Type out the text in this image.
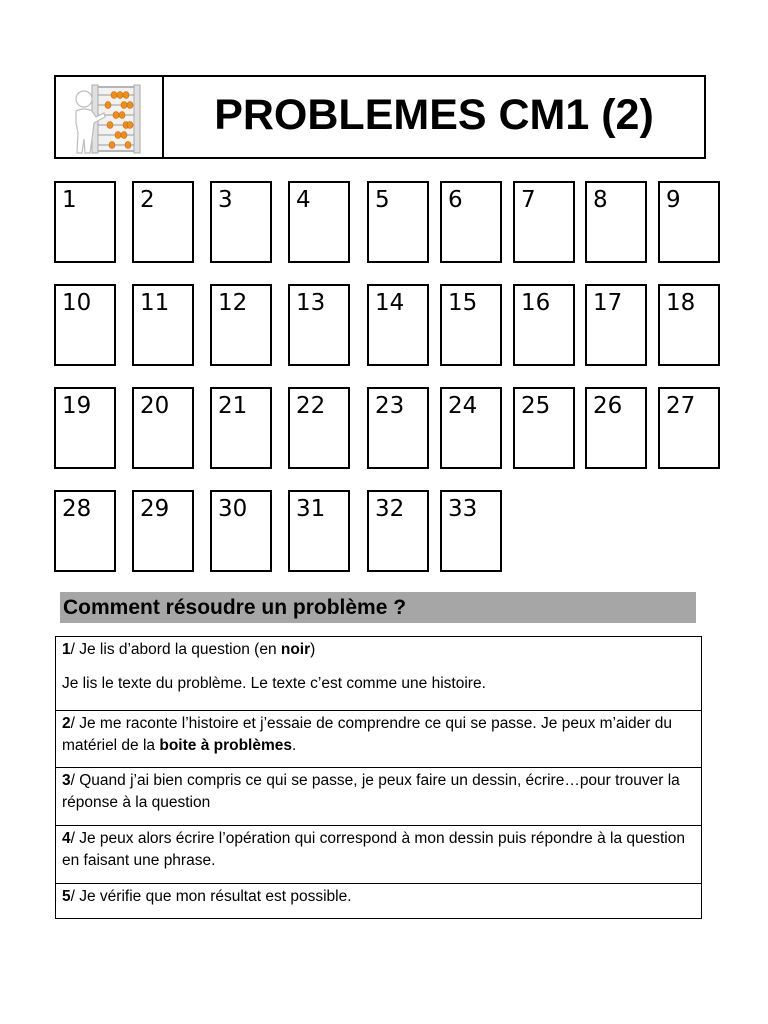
PROBLEMES CM1 (2)
1	2	3	4	5	6	7	8	9
10	11	12	13	14	15	16	17	18
19	20	21	22	23	24	25	26	27
28	29	30	31	32	33
Comment résoudre un problème ?

1/ Je lis d’abord la question (en noir)

Je lis le texte du problème. Le texte c’est comme une histoire.

2/ Je me raconte l’histoire et j’essaie de comprendre ce qui se passe. Je peux m’aider du matériel de la boite à problèmes.

3/ Quand j’ai bien compris ce qui se passe, je peux faire un dessin, écrire…pour trouver la réponse à la question

4/ Je peux alors écrire l’opération qui correspond à mon dessin puis répondre à la question en faisant une phrase.

5/ Je vérifie que mon résultat est possible.
